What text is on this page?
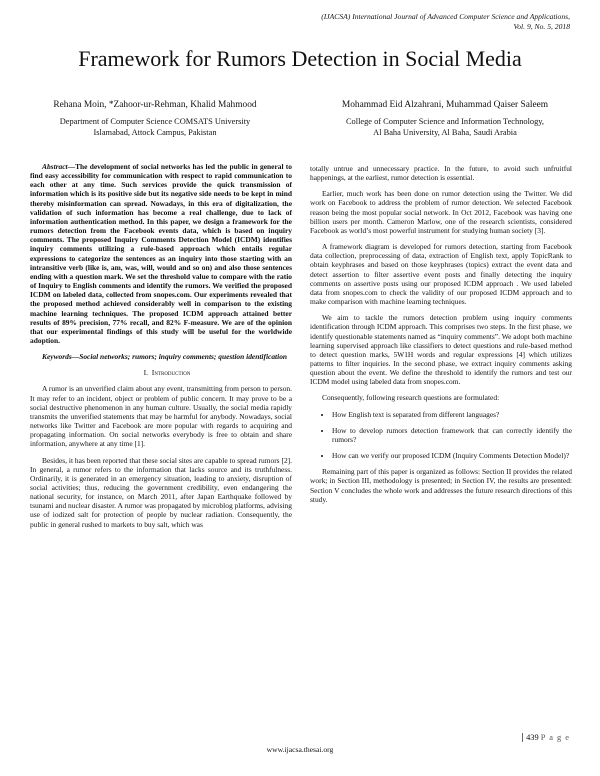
(IJACSA) International Journal of Advanced Computer Science and Applications,
Vol. 9, No. 5, 2018
Framework for Rumors Detection in Social Media
Rehana Moin, *Zahoor-ur-Rehman, Khalid Mahmood
Department of Computer Science COMSATS University
Islamabad, Attock Campus, Pakistan
Mohammad Eid Alzahrani, Muhammad Qaiser Saleem
College of Computer Science and Information Technology,
Al Baha University, Al Baha, Saudi Arabia

Abstract—The development of social networks has led the public in general to find easy accessibility for communication with respect to rapid communication to each other at any time. Such services provide the quick transmission of information which is its positive side but its negative side needs to be kept in mind thereby misinformation can spread. Nowadays, in this era of digitalization, the validation of such information has become a real challenge, due to lack of information authentication method. In this paper, we design a framework for the rumors detection from the Facebook events data, which is based on inquiry comments. The proposed Inquiry Comments Detection Model (ICDM) identifies inquiry comments utilizing a rule-based approach which entails regular expressions to categorize the sentences as an inquiry into those starting with an intransitive verb (like is, am, was, will, would and so on) and also those sentences ending with a question mark. We set the threshold value to compare with the ratio of Inquiry to English comments and identify the rumors. We verified the proposed ICDM on labeled data, collected from snopes.com. Our experiments revealed that the proposed method achieved considerably well in comparison to the existing machine learning techniques. The proposed ICDM approach attained better results of 89% precision, 77% recall, and 82% F-measure. We are of the opinion that our experimental findings of this study will be useful for the worldwide adoption.

Keywords—Social networks; rumors; inquiry comments; question identification

I. Introduction

A rumor is an unverified claim about any event, transmitting from person to person. It may refer to an incident, object or problem of public concern. It may prove to be a social destructive phenomenon in any human culture. Usually, the social media rapidly transmits the unverified statements that may be harmful for anybody. Nowadays, social networks like Twitter and Facebook are more popular with regards to acquiring and propagating information. On social networks everybody is free to obtain and share information, anywhere at any time [1].

Besides, it has been reported that these social sites are capable to spread rumors [2]. In general, a rumor refers to the information that lacks source and its truthfulness. Ordinarily, it is generated in an emergency situation, leading to anxiety, disruption of social activities; thus, reducing the government credibility, even endangering the national security, for instance, on March 2011, after Japan Earthquake followed by tsunami and nuclear disaster. A rumor was propagated by microblog platforms, advising use of iodized salt for protection of people by nuclear radiation. Consequently, the public in general rushed to markets to buy salt, which was

totally untrue and unnecessary practice. In the future, to avoid such unfruitful happenings, at the earliest, rumor detection is essential.

Earlier, much work has been done on rumor detection using the Twitter. We did work on Facebook to address the problem of rumor detection. We selected Facebook reason being the most popular social network. In Oct 2012, Facebook was having one billion users per month. Cameron Marlow, one of the research scientists, considered Facebook as world’s most powerful instrument for studying human society [3].

A framework diagram is developed for rumors detection, starting from Facebook data collection, preprocessing of data, extraction of English text, apply TopicRank to obtain keyphrases and based on those keyphrases (topics) extract the event data and detect assertion to filter assertive event posts and finally detecting the inquiry comments on assertive posts using our proposed ICDM approach . We used labeled data from snopes.com to check the validity of our proposed ICDM approach and to make comparison with machine learning techniques.

We aim to tackle the rumors detection problem using inquiry comments identification through ICDM approach. This comprises two steps. In the first phase, we identify questionable statements named as “inquiry comments”. We adopt both machine learning supervised approach like classifiers to detect questions and rule-based method to detect question marks, 5W1H words and regular expressions [4] which utilizes patterns to filter inquiries. In the second phase, we extract inquiry comments asking question about the event. We define the threshold to identify the rumors and test our ICDM model using labeled data from snopes.com.

Consequently, following research questions are formulated:

• How English text is separated from different languages?
• How to develop rumors detection framework that can correctly identify the rumors?
• How can we verify our proposed ICDM (Inquiry Comments Detection Model)?

Remaining part of this paper is organized as follows: Section II provides the related work; in Section III, methodology is presented; in Section IV, the results are presented: Section V concludes the whole work and addresses the future research directions of this study.

439 P a g e
www.ijacsa.thesai.org
